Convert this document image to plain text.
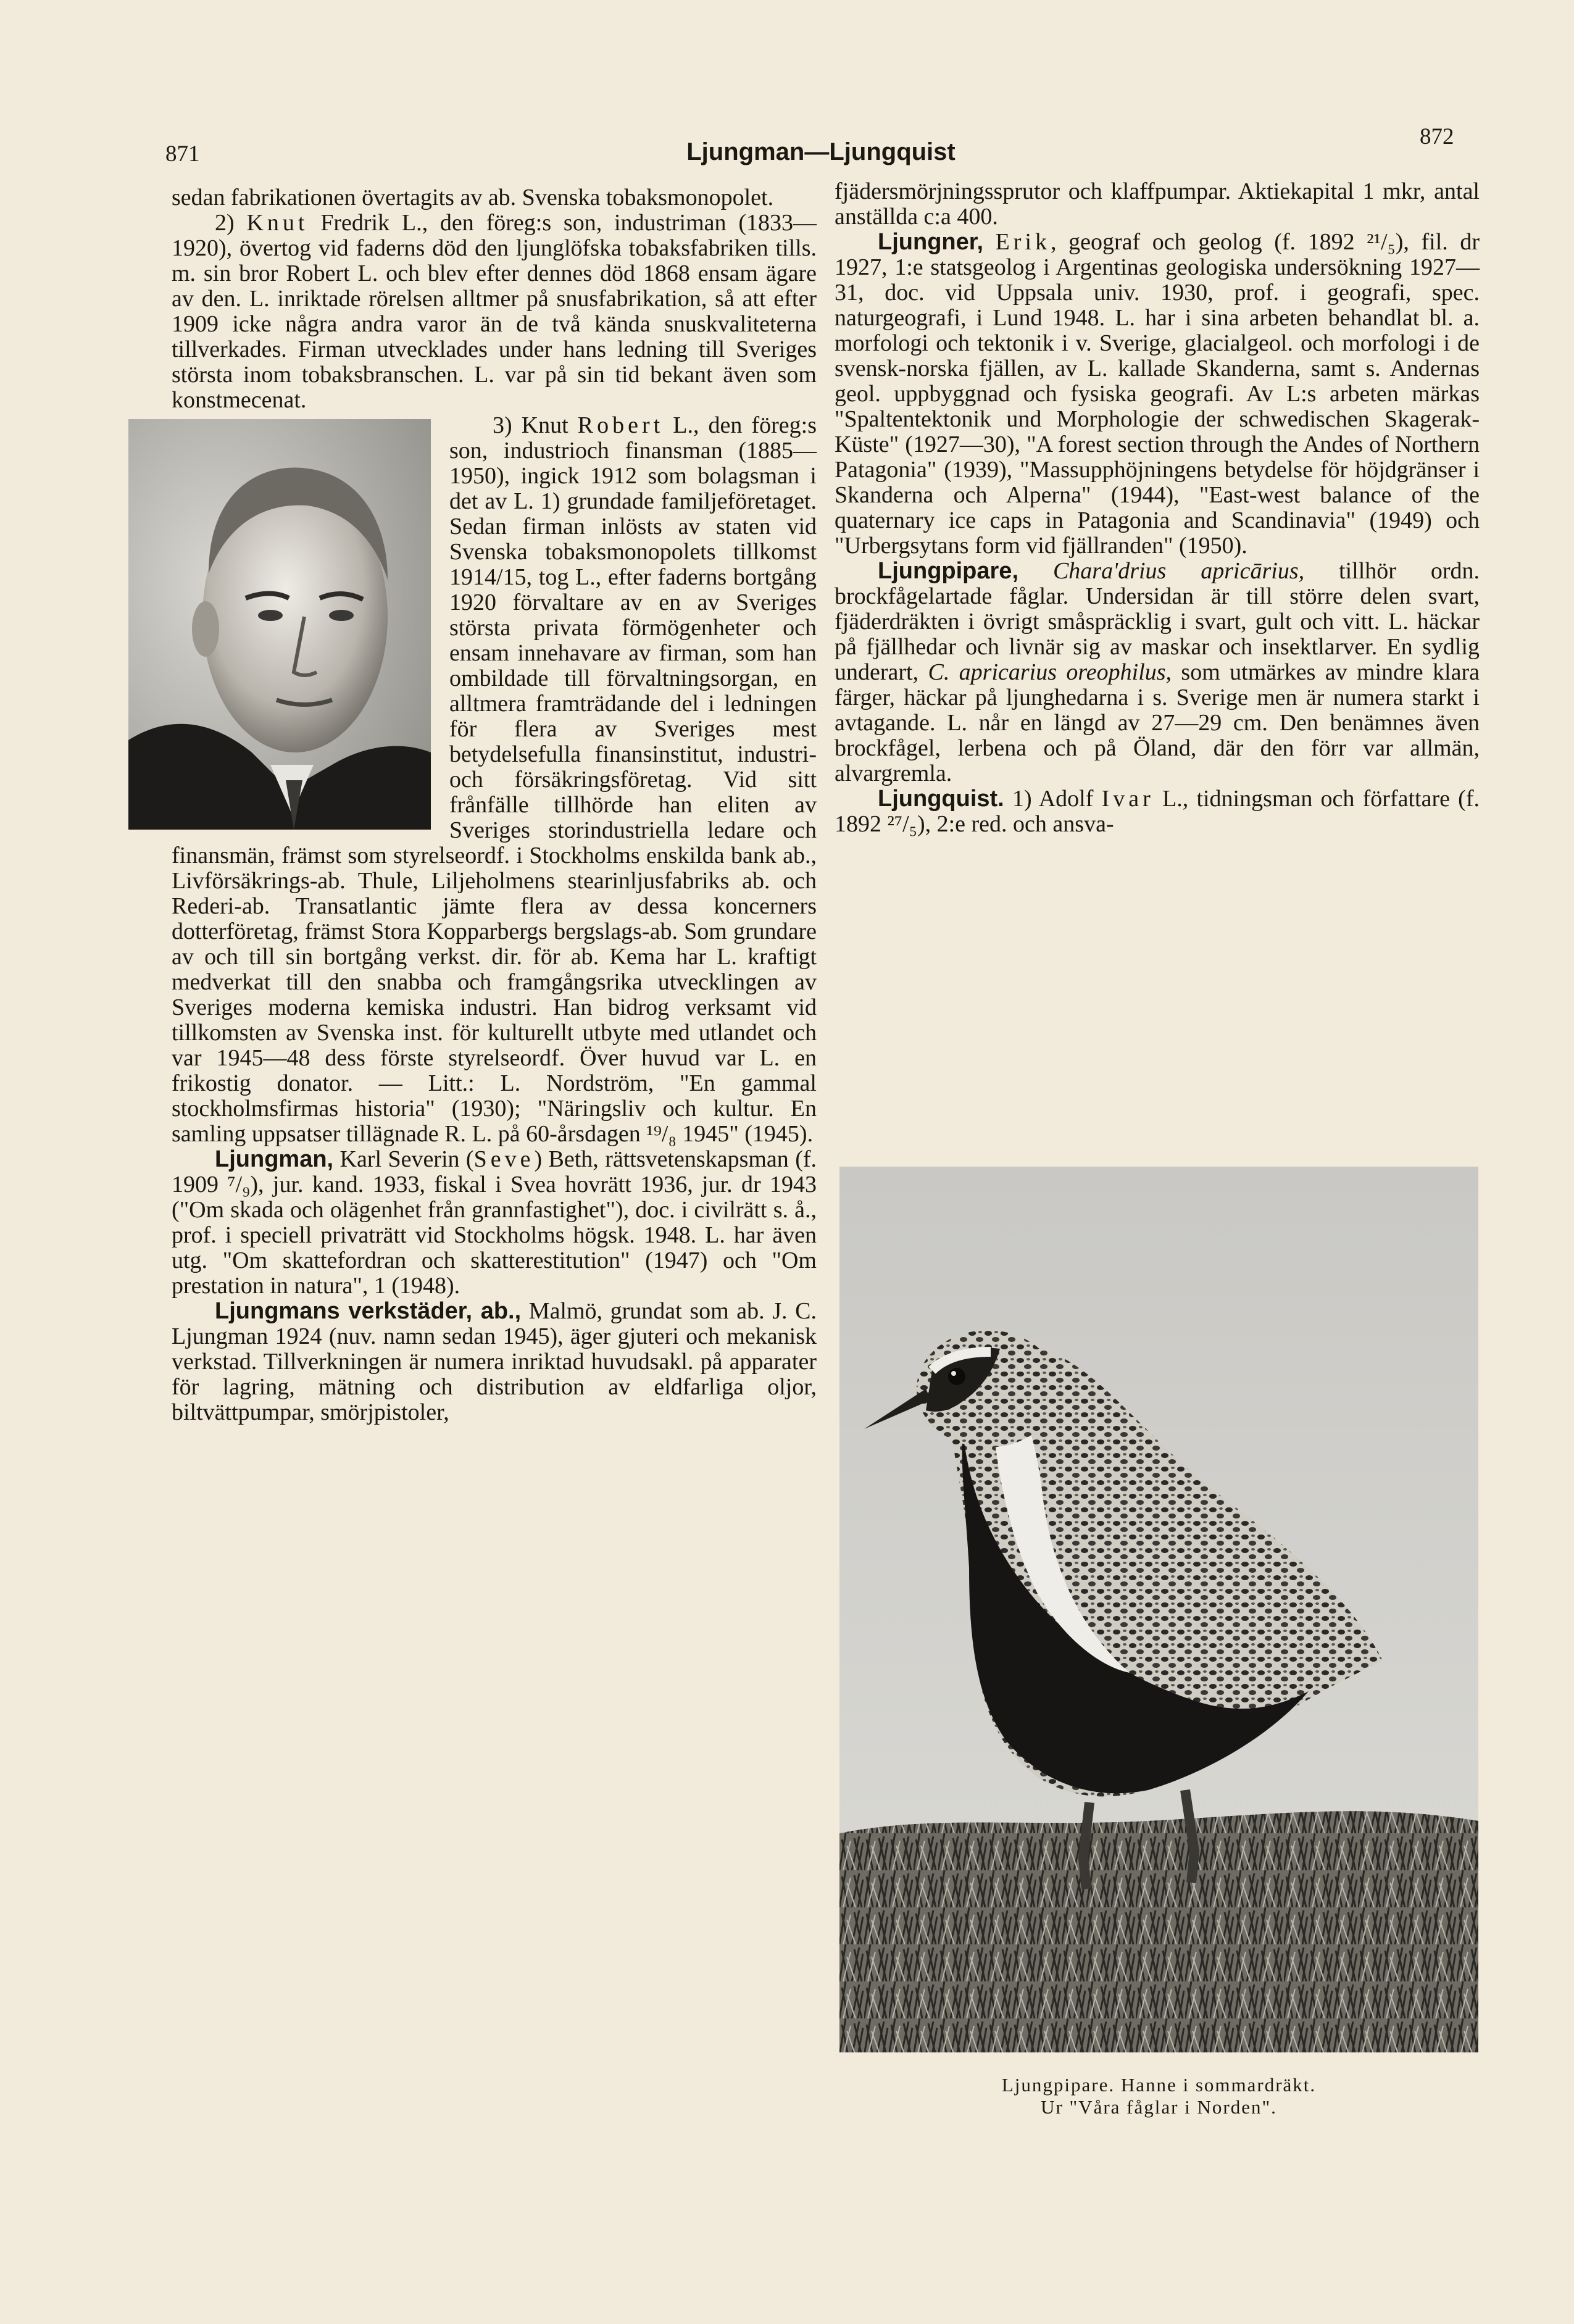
871	Ljungman—Ljungquist
872

sedan fabrikationen övertagits av ab. Svenska tobaksmonopolet.

2) Knut Fredrik L., den föreg:s son, industriman (1833—1920), övertog vid faderns död den ljunglöfska tobaksfabriken tills. m. sin bror Robert L. och blev efter dennes död 1868 ensam ägare av den. L. inriktade rörelsen alltmer på snusfabrikation, så att efter 1909 icke några andra varor än de två kända snuskvaliteterna tillverkades. Firman utvecklades under hans ledning till Sveriges största inom tobaksbranschen. L. var på sin tid bekant även som konstmecenat.

3) Knut Robert L., den föreg:s son, industrioch finansman (1885—1950), ingick 1912 som bolagsman i det av L. 1) grundade familjeföretaget. Sedan firman inlösts av staten vid Svenska tobaksmonopolets tillkomst 1914/15, tog L., efter faderns bortgång 1920 förvaltare av en av Sveriges största privata förmögenheter och ensam innehavare av firman, som han ombildade till förvaltningsorgan, en alltmera framträdande del i ledningen för flera av Sveriges mest betydelsefulla finansinstitut, industri- och försäkringsföretag. Vid sitt frånfälle tillhörde han eliten av Sveriges storindustriella ledare och finansmän, främst som styrelseordf. i Stockholms enskilda bank ab., Livförsäkrings-ab. Thule, Liljeholmens stearinljusfabriks ab. och Rederi-ab. Transatlantic jämte flera av dessa koncerners dotterföretag, främst Stora Kopparbergs bergslags-ab. Som grundare av och till sin bortgång verkst. dir. för ab. Kema har L. kraftigt medverkat till den snabba och framgångsrika utvecklingen av Sveriges moderna kemiska industri. Han bidrog verksamt vid tillkomsten av Svenska inst. för kulturellt utbyte med utlandet och var 1945—48 dess förste styrelseordf. Över huvud var L. en frikostig donator. — Litt.: L. Nordström, "En gammal stockholmsfirmas historia" (1930); "Näringsliv och kultur. En samling uppsatser tillägnade R. L. på 60-årsdagen ¹⁹/₈ 1945" (1945).

Ljungman, Karl Severin (Seve) Beth, rättsvetenskapsman (f. 1909 ⁷/₉), jur. kand. 1933, fiskal i Svea hovrätt 1936, jur. dr 1943 ("Om skada och olägenhet från grannfastighet"), doc. i civilrätt s. å., prof. i speciell privaträtt vid Stockholms högsk. 1948. L. har även utg. "Om skattefordran och skatterestitution" (1947) och "Om prestation in natura", 1 (1948).

Ljungmans verkstäder, ab., Malmö, grundat som ab. J. C. Ljungman 1924 (nuv. namn sedan 1945), äger gjuteri och mekanisk verkstad. Tillverkningen är numera inriktad huvudsakl. på apparater för lagring, mätning och distribution av eldfarliga oljor, biltvättpumpar, smörjpistoler,

fjädersmörjningssprutor och klaffpumpar. Aktiekapital 1 mkr, antal anställda c:a 400.

Ljungner, Erik, geograf och geolog (f. 1892 ²¹/₅), fil. dr 1927, 1:e statsgeolog i Argentinas geologiska undersökning 1927—31, doc. vid Uppsala univ. 1930, prof. i geografi, spec. naturgeografi, i Lund 1948. L. har i sina arbeten behandlat bl. a. morfologi och tektonik i v. Sverige, glacialgeol. och morfologi i de svensk-norska fjällen, av L. kallade Skanderna, samt s. Andernas geol. uppbyggnad och fysiska geografi. Av L:s arbeten märkas "Spaltentektonik und Morphologie der schwedischen Skagerak-Küste" (1927—30), "A forest section through the Andes of Northern Patagonia" (1939), "Massupphöjningens betydelse för höjdgränser i Skanderna och Alperna" (1944), "East-west balance of the quaternary ice caps in Patagonia and Scandinavia" (1949) och "Urbergsytans form vid fjällranden" (1950).

Ljungpipare, Chara'drius apricārius, tillhör ordn. brockfågelartade fåglar. Undersidan är till större delen svart, fjäderdräkten i övrigt småspräcklig i svart, gult och vitt. L. häckar på fjällhedar och livnär sig av maskar och insektlarver. En sydlig underart, C. apricarius oreophilus, som utmärkes av mindre klara färger, häckar på ljunghedarna i s. Sverige men är numera starkt i avtagande. L. når en längd av 27—29 cm. Den benämnes även brockfågel, lerbena och på Öland, där den förr var allmän, alvargremla.

Ljungquist. 1) Adolf Ivar L., tidningsman och författare (f. 1892 ²⁷/₅), 2:e red. och ansva-

Ljungpipare. Hanne i sommardräkt.
Ur "Våra fåglar i Norden".
